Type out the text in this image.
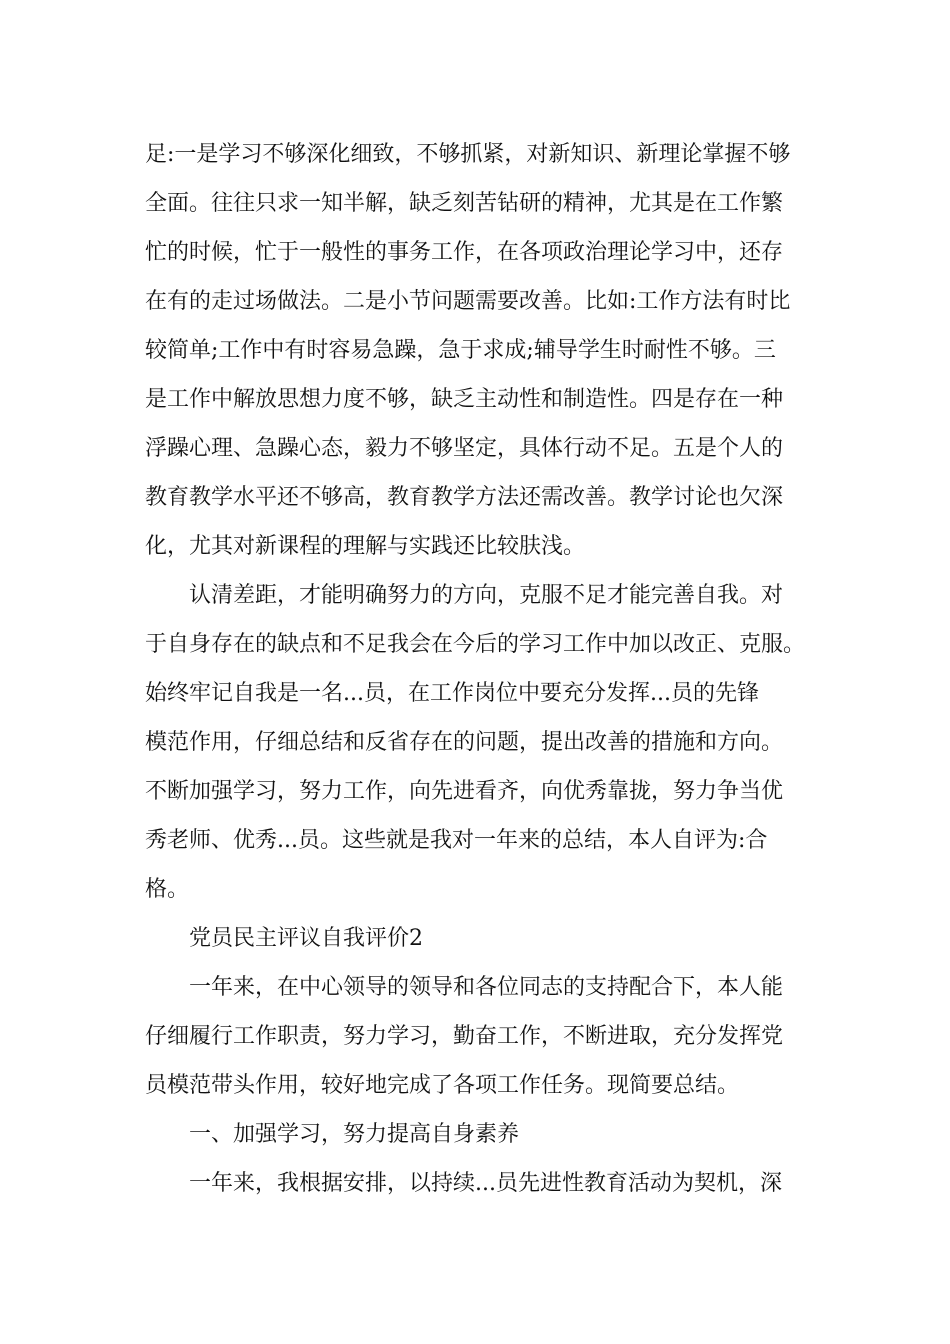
足:一是学习不够深化细致，不够抓紧，对新知识、新理论掌握不够
全面。往往只求一知半解，缺乏刻苦钻研的精神，尤其是在工作繁
忙的时候，忙于一般性的事务工作，在各项政治理论学习中，还存
在有的走过场做法。二是小节问题需要改善。比如:工作方法有时比
较简单;工作中有时容易急躁，急于求成;辅导学生时耐性不够。三
是工作中解放思想力度不够，缺乏主动性和制造性。四是存在一种
浮躁心理、急躁心态，毅力不够坚定，具体行动不足。五是个人的
教育教学水平还不够高，教育教学方法还需改善。教学讨论也欠深
化，尤其对新课程的理解与实践还比较肤浅。
认清差距，才能明确努力的方向，克服不足才能完善自我。对
于自身存在的缺点和不足我会在今后的学习工作中加以改正、克服。
始终牢记自我是一名...员，在工作岗位中要充分发挥...员的先锋
模范作用，仔细总结和反省存在的问题，提出改善的措施和方向。
不断加强学习，努力工作，向先进看齐，向优秀靠拢，努力争当优
秀老师、优秀...员。这些就是我对一年来的总结，本人自评为:合
格。
党员民主评议自我评价2
一年来，在中心领导的领导和各位同志的支持配合下，本人能
仔细履行工作职责，努力学习，勤奋工作，不断进取，充分发挥党
员模范带头作用，较好地完成了各项工作任务。现简要总结。
一、加强学习，努力提高自身素养
一年来，我根据安排，以持续...员先进性教育活动为契机，深
